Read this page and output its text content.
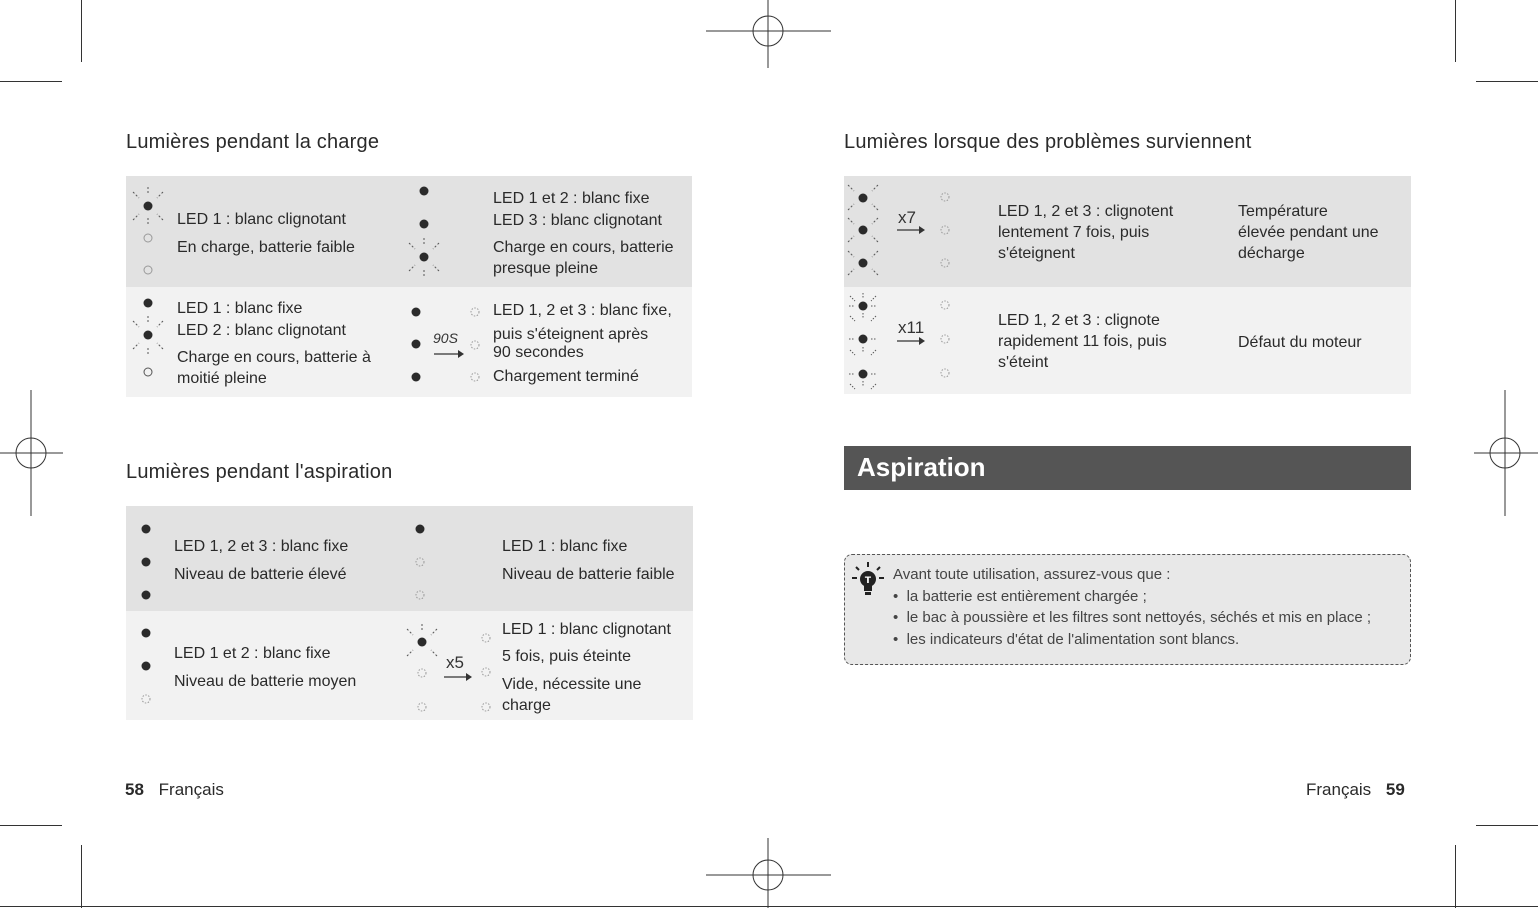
Lumières pendant la charge
LED 1 : blanc clignotant
En charge, batterie faible
LED 1 et 2 : blanc fixe
LED 3 : blanc clignotant
Charge en cours, batterie
presque pleine
LED 1 : blanc fixe
LED 2 : blanc clignotant
Charge en cours, batterie à
moitié pleine
90S
LED 1, 2 et 3 : blanc fixe,
puis s'éteignent après
90 secondes
Chargement terminé
Lumières pendant l'aspiration
LED 1, 2 et 3 : blanc fixe
Niveau de batterie élevé
LED 1 : blanc fixe
Niveau de batterie faible
LED 1 et 2 : blanc fixe
Niveau de batterie moyen
x5
LED 1 : blanc clignotant
5 fois, puis éteinte
Vide, nécessite une
charge
58 Français
Lumières lorsque des problèmes surviennent
x7	LED 1, 2 et 3 : clignotent
lentement 7 fois, puis
s'éteignent
Température
élevée pendant une
décharge
x11	LED 1, 2 et 3 : clignote
rapidement 11 fois, puis
s'éteint
Défaut du moteur
Aspiration
T Avant toute utilisation, assurez-vous que :
•  la batterie est entièrement chargée ;
•  le bac à poussière et les filtres sont nettoyés, séchés et mis en place ;
•  les indicateurs d'état de l'alimentation sont blancs.
Français 59
